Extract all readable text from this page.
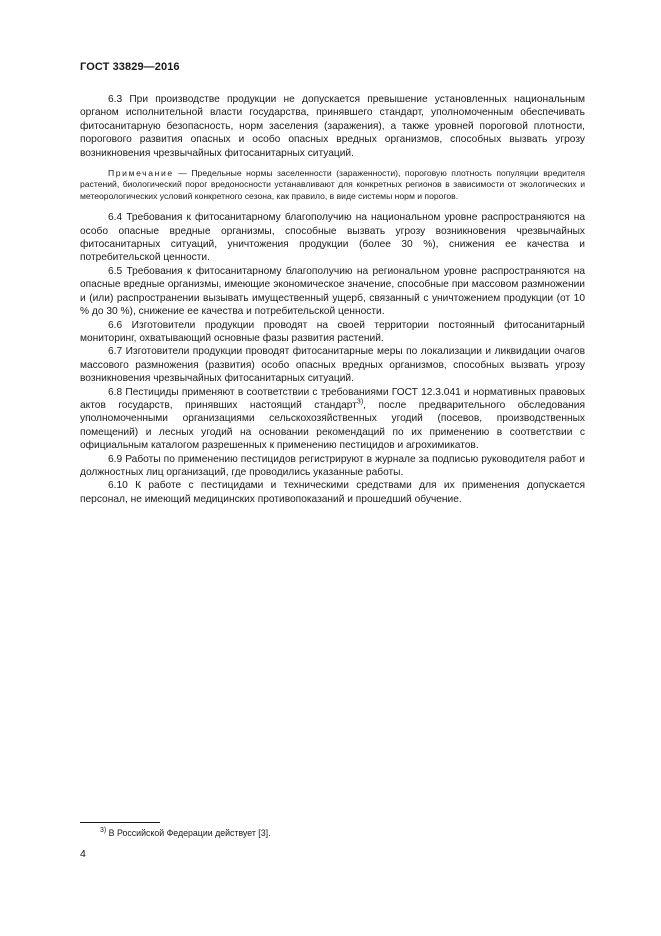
ГОСТ 33829—2016

6.3 При производстве продукции не допускается превышение установленных национальным органом исполнительной власти государства, принявшего стандарт, уполномоченным обеспечивать фитосанитарную безопасность, норм заселения (заражения), а также уровней пороговой плотности, порогового развития опасных и особо опасных вредных организмов, способных вызвать угрозу возникновения чрезвычайных фитосанитарных ситуаций.

Примечание — Предельные нормы заселенности (зараженности), пороговую плотность популяции вредителя растений, биологический порог вредоносности устанавливают для конкретных регионов в зависимости от экологических и метеорологических условий конкретного сезона, как правило, в виде системы норм и порогов.

6.4 Требования к фитосанитарному благополучию на национальном уровне распространяются на особо опасные вредные организмы, способные вызвать угрозу возникновения чрезвычайных фитосанитарных ситуаций, уничтожения продукции (более 30 %), снижения ее качества и потребительской ценности.

6.5 Требования к фитосанитарному благополучию на региональном уровне распространяются на опасные вредные организмы, имеющие экономическое значение, способные при массовом размножении и (или) распространении вызывать имущественный ущерб, связанный с уничтожением продукции (от 10 % до 30 %), снижение ее качества и потребительской ценности.

6.6 Изготовители продукции проводят на своей территории постоянный фитосанитарный мониторинг, охватывающий основные фазы развития растений.

6.7 Изготовители продукции проводят фитосанитарные меры по локализации и ликвидации очагов массового размножения (развития) особо опасных вредных организмов, способных вызвать угрозу возникновения чрезвычайных фитосанитарных ситуаций.

6.8 Пестициды применяют в соответствии с требованиями ГОСТ 12.3.041 и нормативных правовых актов государств, принявших настоящий стандарт$^{3)}$, после предварительного обследования уполномоченными организациями сельскохозяйственных угодий (посевов, производственных помещений) и лесных угодий на основании рекомендаций по их применению в соответствии с официальным каталогом разрешенных к применению пестицидов и агрохимикатов.

6.9 Работы по применению пестицидов регистрируют в журнале за подписью руководителя работ и должностных лиц организаций, где проводились указанные работы.

6.10 К работе с пестицидами и техническими средствами для их применения допускается персонал, не имеющий медицинских противопоказаний и прошедший обучение.

$^{3)}$ В Российской Федерации действует [3].
4
